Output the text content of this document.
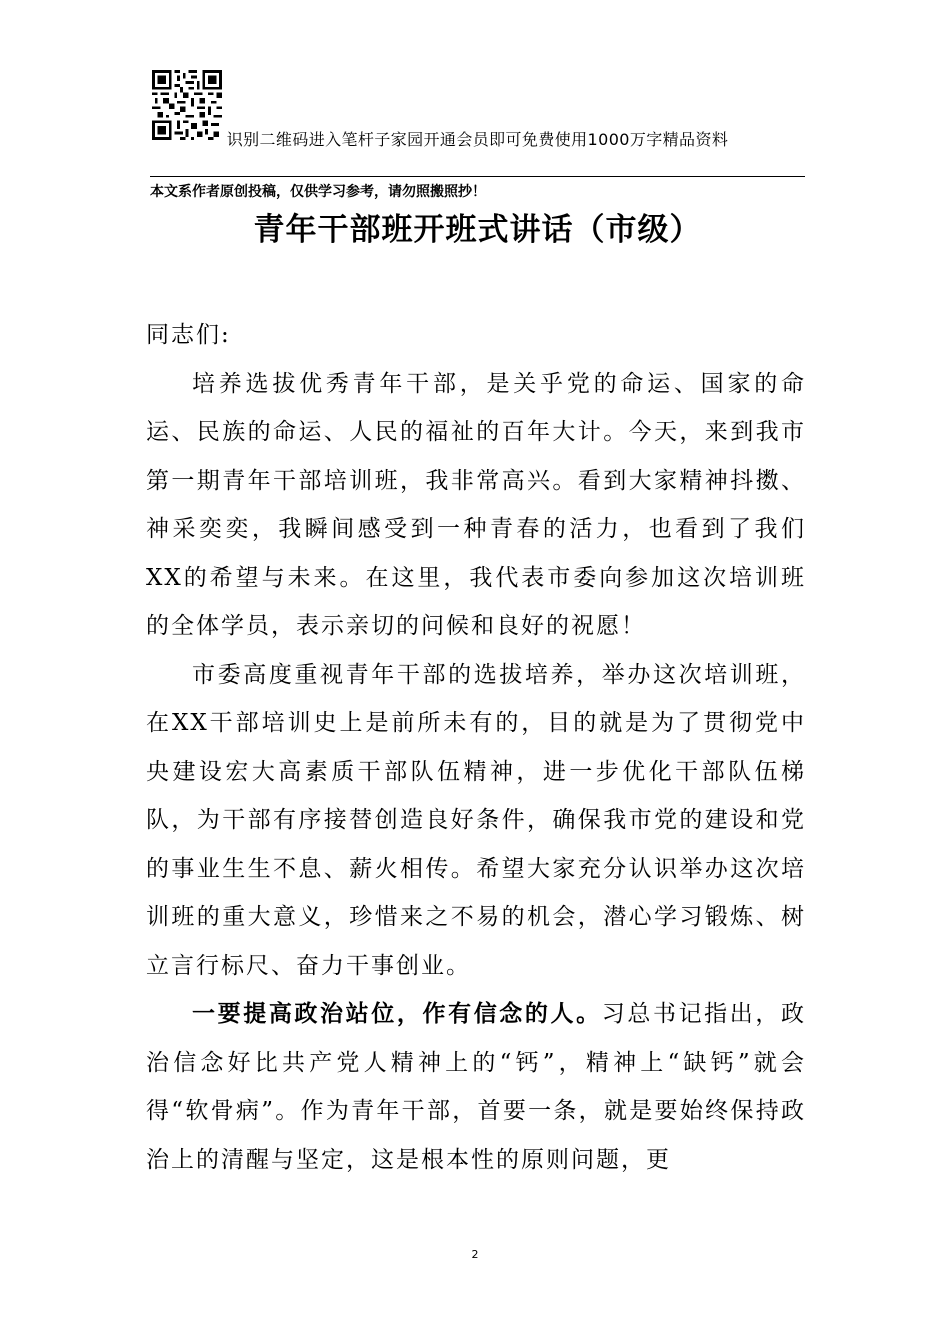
识别二维码进入笔杆子家园开通会员即可免费使用1000万字精品资料
本文系作者原创投稿，仅供学习参考，请勿照搬照抄！
青年干部班开班式讲话（市级）

同志们:

培养选拔优秀青年干部，是关乎党的命运、国家的命运、民族的命运、人民的福祉的百年大计。今天，来到我市第一期青年干部培训班，我非常高兴。看到大家精神抖擞、神采奕奕，我瞬间感受到一种青春的活力，也看到了我们XX的希望与未来。在这里，我代表市委向参加这次培训班的全体学员，表示亲切的问候和良好的祝愿！

市委高度重视青年干部的选拔培养，举办这次培训班，在XX干部培训史上是前所未有的，目的就是为了贯彻党中央建设宏大高素质干部队伍精神，进一步优化干部队伍梯队，为干部有序接替创造良好条件，确保我市党的建设和党的事业生生不息、薪火相传。希望大家充分认识举办这次培训班的重大意义，珍惜来之不易的机会，潜心学习锻炼、树立言行标尺、奋力干事创业。

一要提高政治站位，作有信念的人。习总书记指出，政治信念好比共产党人精神上的“钙”，精神上“缺钙”就会得“软骨病”。作为青年干部，首要一条，就是要始终保持政治上的清醒与坚定，这是根本性的原则问题，更

2
